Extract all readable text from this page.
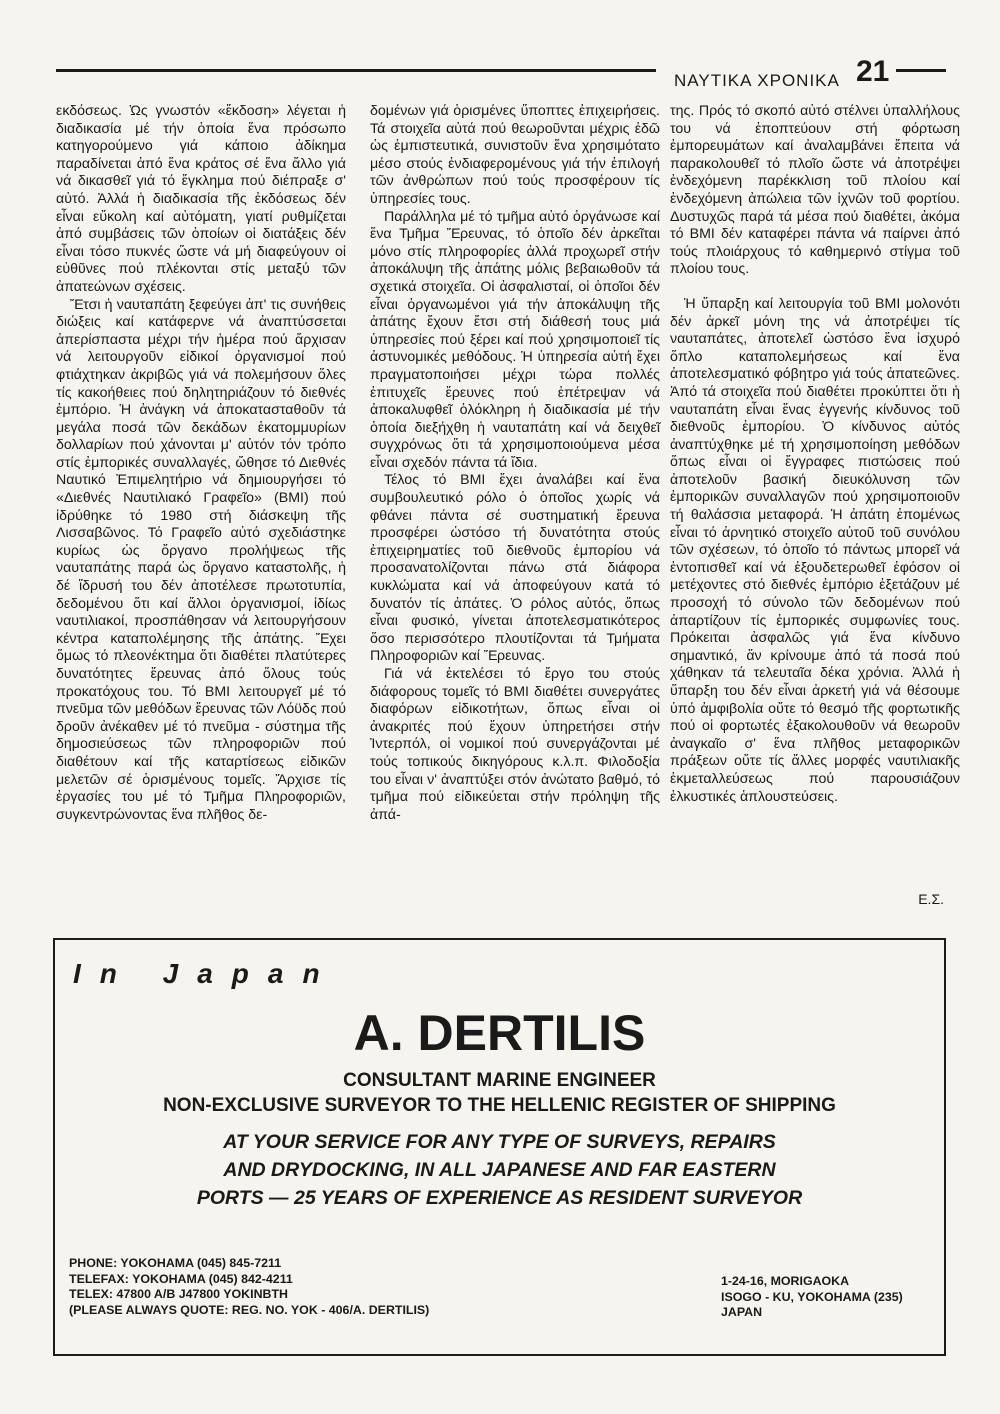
ΝΑΥΤΙΚΑ ΧΡΟΝΙΚΑ 21

εκδόσεως. Ὡς γνωστόν «ἔκδοση» λέγεται ἡ διαδικασία μέ τήν ὁποία ἕνα πρόσωπο κατηγορούμενο γιά κάποιο ἀδίκημα παραδίνεται ἀπό ἕνα κράτος σέ ἕνα ἄλλο γιά νά δικασθεῖ γιά τό ἔγκλημα πού διέπραξε σ' αὐτό. Ἀλλά ἡ διαδικασία τῆς ἐκδόσεως δέν εἶναι εὔκολη καί αὐτόματη, γιατί ρυθμίζεται ἀπό συμβάσεις τῶν ὁποίων οἱ διατάξεις δέν εἶναι τόσο πυκνές ὥστε νά μή διαφεύγουν οἱ εὐθῦνες πού πλέκονται στίς μεταξύ τῶν ἀπατεώνων σχέσεις.

Ἔτσι ἡ ναυταπάτη ξεφεύγει ἀπ' τις συνήθεις διώξεις καί κατάφερνε νά ἀναπτύσσεται ἀπερίσπαστα μέχρι τήν ἡμέρα πού ἄρχισαν νά λειτουργοῦν εἰδικοί ὀργανισμοί πού φτιάχτηκαν ἀκριβῶς γιά νά πολεμήσουν ὅλες τίς κακοήθειες πού δηλητηριάζουν τό διεθνές ἐμπόριο. Ἡ ἀνάγκη νά ἀποκατασταθοῦν τά μεγάλα ποσά τῶν δεκάδων ἑκατομμυρίων δολλαρίων πού χάνονται μ' αὐτόν τόν τρόπο στίς ἐμπορικές συναλλαγές, ὤθησε τό Διεθνές Ναυτικό Ἐπιμελητήριο νά δημιουργήσει τό «Διεθνές Ναυτιλιακό Γραφεῖο» (ΒΜΙ) πού ἱδρύθηκε τό 1980 στή διάσκεψη τῆς Λισσαβῶνος. Τό Γραφεῖο αὐτό σχεδιάστηκε κυρίως ὡς ὄργανο προλήψεως τῆς ναυταπάτης παρά ὡς ὄργανο καταστολῆς, ἡ δέ ἵδρυσή του δέν ἀποτέλεσε πρωτοτυπία, δεδομένου ὅτι καί ἄλλοι ὀργανισμοί, ἰδίως ναυτιλιακοί, προσπάθησαν νά λειτουργήσουν κέντρα καταπολέμησης τῆς ἀπάτης. Ἔχει ὅμως τό πλεονέκτημα ὅτι διαθέτει πλατύτερες δυνατότητες ἔρευνας ἀπό ὅλους τούς προκατόχους του. Τό ΒΜΙ λειτουργεῖ μέ τό πνεῦμα τῶν μεθόδων ἔρευνας τῶν Λόϋδς πού δροῦν ἀνέκαθεν μέ τό πνεῦμα - σύστημα τῆς δημοσιεύσεως τῶν πληροφοριῶν πού διαθέτουν καί τῆς καταρτίσεως εἰδικῶν μελετῶν σέ ὁρισμένους τομεῖς. Ἄρχισε τίς ἐργασίες του μέ τό Τμῆμα Πληροφοριῶν, συγκεντρώνοντας ἕνα πλῆθος δε-

δομένων γιά ὁρισμένες ὕποπτες ἐπιχειρήσεις. Τά στοιχεῖα αὐτά πού θεωροῦνται μέχρις ἐδῶ ὡς ἐμπιστευτικά, συνιστοῦν ἕνα χρησιμότατο μέσο στούς ἐνδιαφερομένους γιά τήν ἐπιλογή τῶν ἀνθρώπων πού τούς προσφέρουν τίς ὑπηρεσίες τους.

Παράλληλα μέ τό τμῆμα αὐτό ὀργάνωσε καί ἕνα Τμῆμα Ἔρευνας, τό ὁποῖο δέν ἀρκεῖται μόνο στίς πληροφορίες ἀλλά προχωρεῖ στήν ἀποκάλυψη τῆς ἀπάτης μόλις βεβαιωθοῦν τά σχετικά στοιχεῖα. Οἱ ἀσφαλισταί, οἱ ὁποῖοι δέν εἶναι ὀργανωμένοι γιά τήν ἀποκάλυψη τῆς ἀπάτης ἔχουν ἔτσι στή διάθεσή τους μιά ὑπηρεσίες πού ξέρει καί πού χρησιμοποιεῖ τίς ἀστυνομικές μεθόδους. Ἡ ὑπηρεσία αὐτή ἔχει πραγματοποιήσει μέχρι τώρα πολλές ἐπιτυχεῖς ἔρευνες πού ἐπέτρεψαν νά ἀποκαλυφθεῖ ὁλόκληρη ἡ διαδικασία μέ τήν ὁποία διεξήχθη ἡ ναυταπάτη καί νά δειχθεῖ συγχρόνως ὅτι τά χρησιμοποιούμενα μέσα εἶναι σχεδόν πάντα τά ἴδια.

Τέλος τό ΒΜΙ ἔχει ἀναλάβει καί ἕνα συμβουλευτικό ρόλο ὁ ὁποῖος χωρίς νά φθάνει πάντα σέ συστηματική ἔρευνα προσφέρει ὡστόσο τή δυνατότητα στούς ἐπιχειρηματίες τοῦ διεθνοῦς ἐμπορίου νά προσανατολίζονται πάνω στά διάφορα κυκλώματα καί νά ἀποφεύγουν κατά τό δυνατόν τίς ἀπάτες. Ὁ ρόλος αὐτός, ὅπως εἶναι φυσικό, γίνεται ἀποτελεσματικότερος ὅσο περισσότερο πλουτίζονται τά Τμήματα Πληροφοριῶν καί Ἔρευνας.

Γιά νά ἐκτελέσει τό ἔργο του στούς διάφορους τομεῖς τό ΒΜΙ διαθέτει συνεργάτες διαφόρων εἰδικοτήτων, ὅπως εἶναι οἱ ἀνακριτές πού ἔχουν ὑπηρετήσει στήν Ἰντερπόλ, οἱ νομικοί πού συνεργάζονται μέ τούς τοπικούς δικηγόρους κ.λ.π. Φιλοδοξία του εἶναι ν' ἀναπτύξει στόν ἀνώτατο βαθμό, τό τμῆμα πού εἰδικεύεται στήν πρόληψη τῆς ἀπά-

της. Πρός τό σκοπό αὐτό στέλνει ὑπαλλήλους του νά ἐποπτεύουν στή φόρτωση ἐμπορευμάτων καί ἀναλαμβάνει ἔπειτα νά παρακολουθεῖ τό πλοῖο ὥστε νά ἀποτρέψει ἐνδεχόμενη παρέκκλιση τοῦ πλοίου καί ἐνδεχόμενη ἀπώλεια τῶν ἰχνῶν τοῦ φορτίου. Δυστυχῶς παρά τά μέσα πού διαθέτει, ἀκόμα τό ΒΜΙ δέν καταφέρει πάντα νά παίρνει ἀπό τούς πλοιάρχους τό καθημερινό στίγμα τοῦ πλοίου τους.

Ἡ ὕπαρξη καί λειτουργία τοῦ ΒΜΙ μολονότι δέν ἀρκεῖ μόνη της νά ἀποτρέψει τίς ναυταπάτες, ἀποτελεῖ ὡστόσο ἕνα ἰσχυρό ὅπλο καταπολεμήσεως καί ἕνα ἀποτελεσματικό φόβητρο γιά τούς ἀπατεῶνες. Ἀπό τά στοιχεῖα πού διαθέτει προκύπτει ὅτι ἡ ναυταπάτη εἶναι ἕνας ἐγγενής κίνδυνος τοῦ διεθνοῦς ἐμπορίου. Ὁ κίνδυνος αὐτός ἀναπτύχθηκε μέ τή χρησιμοποίηση μεθόδων ὅπως εἶναι οἱ ἔγγραφες πιστώσεις πού ἀποτελοῦν βασική διευκόλυνση τῶν ἐμπορικῶν συναλλαγῶν πού χρησιμοποιοῦν τή θαλάσσια μεταφορά. Ἡ ἀπάτη ἑπομένως εἶναι τό ἀρνητικό στοιχεῖο αὐτοῦ τοῦ συνόλου τῶν σχέσεων, τό ὁποῖο τό πάντως μπορεῖ νά ἐντοπισθεῖ καί νά ἐξουδετερωθεῖ ἐφόσον οἱ μετέχοντες στό διεθνές ἐμπόριο ἐξετάζουν μέ προσοχή τό σύνολο τῶν δεδομένων πού ἀπαρτίζουν τίς ἐμπορικές συμφωνίες τους. Πρόκειται ἀσφαλῶς γιά ἕνα κίνδυνο σημαντικό, ἄν κρίνουμε ἀπό τά ποσά πού χάθηκαν τά τελευταῖα δέκα χρόνια. Ἀλλά ἡ ὕπαρξη του δέν εἶναι ἀρκετή γιά νά θέσουμε ὑπό ἀμφιβολία οὔτε τό θεσμό τῆς φορτωτικῆς πού οἱ φορτωτές ἐξακολουθοῦν νά θεωροῦν ἀναγκαῖο σ' ἕνα πλῆθος μεταφορικῶν πράξεων οὔτε τίς ἄλλες μορφές ναυτιλιακῆς ἐκμεταλλεύσεως πού παρουσιάζουν ἑλκυστικές ἁπλουστεύσεις.

Ε.Σ.
In Japan
A. DERTILIS
CONSULTANT MARINE ENGINEER
NON-EXCLUSIVE SURVEYOR TO THE HELLENIC REGISTER OF SHIPPING
AT YOUR SERVICE FOR ANY TYPE OF SURVEYS, REPAIRS
AND DRYDOCKING, IN ALL JAPANESE AND FAR EASTERN
PORTS — 25 YEARS OF EXPERIENCE AS RESIDENT SURVEYOR
PHONE: YOKOHAMA (045) 845-7211
TELEFAX: YOKOHAMA (045) 842-4211
TELEX: 47800 A/B J47800 YOKINBTH
(PLEASE ALWAYS QUOTE: REG. NO. YOK - 406/A. DERTILIS)
1-24-16, MORIGAOKA
ISOGO - KU, YOKOHAMA (235)
JAPAN
